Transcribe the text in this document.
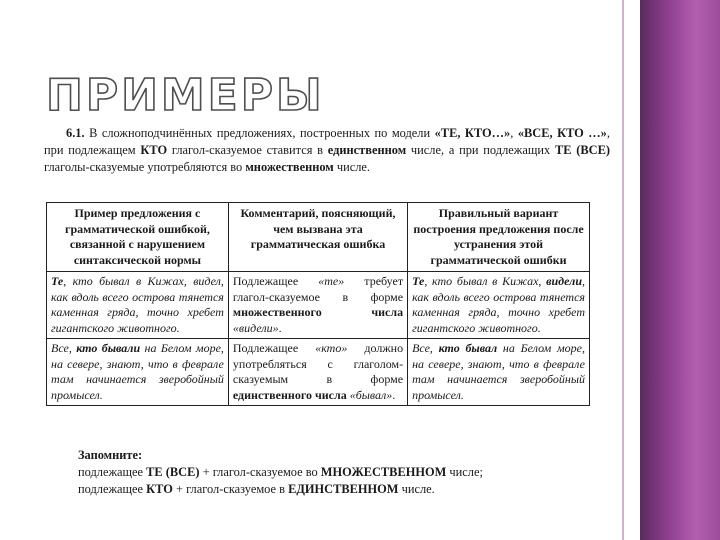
ПРИМЕРЫ

6.1. В сложноподчинённых предложениях, построенных по модели «ТЕ, КТО…», «ВСЕ, КТО …», при подлежащем КТО глагол-сказуемое ставится в единственном числе, а при подлежащих ТЕ (ВСЕ) глаголы-сказуемые употребляются во множественном числе.

Пример предложения с грамматической ошибкой, связанной с нарушением синтаксической нормы	Комментарий, поясняющий, чем вызвана эта грамматическая ошибка	Правильный вариант построения предложения после устранения этой грамматической ошибки
Те, кто бывал в Кижах, видел, как вдоль всего острова тянется каменная гряда, точно хребет гигантского животного.	Подлежащее «те» требует глагол-сказуемое в форме множественного числа «видели».	Те, кто бывал в Кижах, видели, как вдоль всего острова тянется каменная гряда, точно хребет гигантского животного.
Все, кто бывали на Белом море, на севере, знают, что в феврале там начинается зверобойный промысел.	Подлежащее «кто» должно употребляться с глаголом-сказуемым в форме единственного числа «бывал».	Все, кто бывал на Белом море, на севере, знают, что в феврале там начинается зверобойный промысел.
Запомните:
подлежащее ТЕ (ВСЕ) + глагол-сказуемое во МНОЖЕСТВЕННОМ числе;
подлежащее КТО + глагол-сказуемое в ЕДИНСТВЕННОМ числе.
